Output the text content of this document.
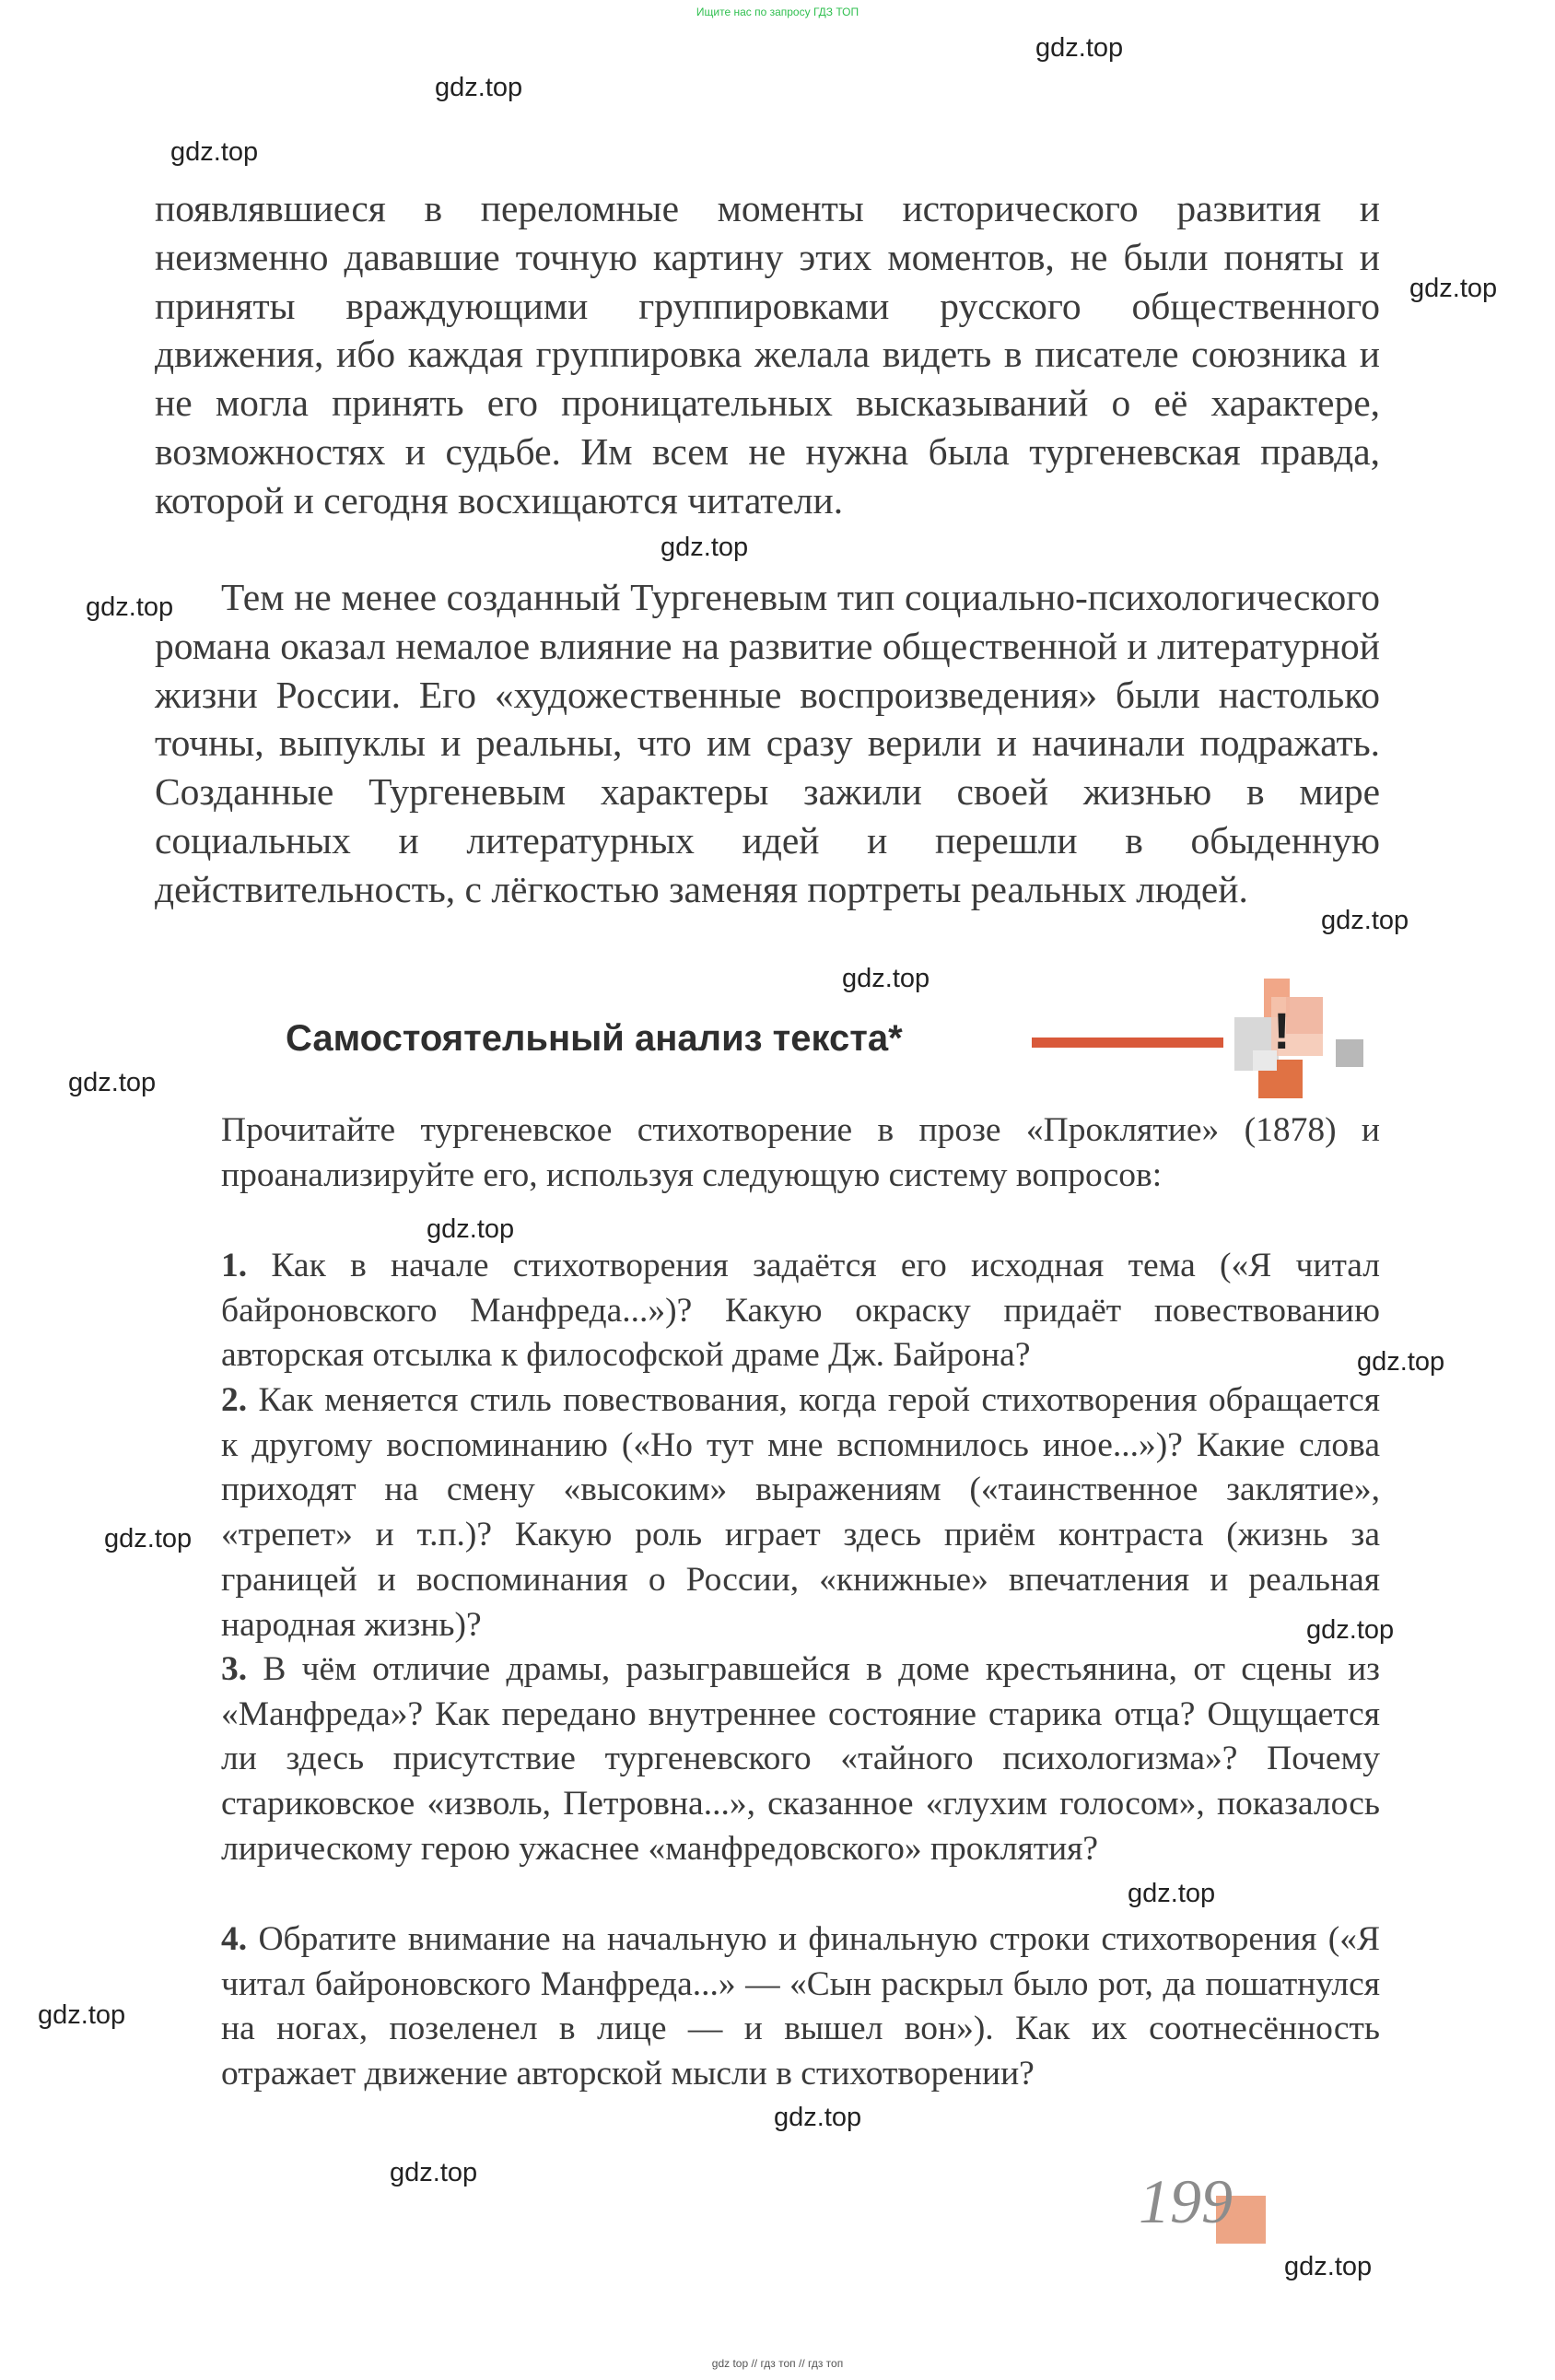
Ищите нас по запросу ГДЗ ТОП
gdz.top
gdz.top
gdz.top
gdz.top
gdz.top
gdz.top
gdz.top
gdz.top
gdz.top
gdz.top
gdz.top
gdz.top
gdz.top
gdz.top
gdz.top
gdz.top
gdz.top
gdz.top

появлявшиеся в переломные моменты исторического развития и неизменно дававшие точную картину этих моментов, не были поняты и приняты враждующими группировками русского общественного движения, ибо каждая группировка желала видеть в писателе союзника и не могла принять его проницательных высказываний о её характере, возможностях и судьбе. Им всем не нужна была тургеневская правда, которой и сегодня восхищаются читатели.

Тем не менее созданный Тургеневым тип социально-психологического романа оказал немалое влияние на развитие общественной и литературной жизни России. Его «художественные воспроизведения» были настолько точны, выпуклы и реальны, что им сразу верили и начинали подражать. Созданные Тургеневым характеры зажили своей жизнью в мире социальных и литературных идей и перешли в обыденную действительность, с лёгкостью заменяя портреты реальных людей.

Самостоятельный анализ текста*	!

Прочитайте тургеневское стихотворение в прозе «Проклятие» (1878) и проанализируйте его, используя следующую систему вопросов:

1. Как в начале стихотворения задаётся его исходная тема («Я читал байроновского Манфреда...»)? Какую окраску придаёт повествованию авторская отсылка к философской драме Дж. Байрона?

2. Как меняется стиль повествования, когда герой стихотворения обращается к другому воспоминанию («Но тут мне вспомнилось иное...»)? Какие слова приходят на смену «высоким» выражениям («таинственное заклятие», «трепет» и т.п.)? Какую роль играет здесь приём контраста (жизнь за границей и воспоминания о России, «книжные» впечатления и реальная народная жизнь)?

3. В чём отличие драмы, разыгравшейся в доме крестьянина, от сцены из «Манфреда»? Как передано внутреннее состояние старика отца? Ощущается ли здесь присутствие тургеневского «тайного психологизма»? Почему стариковское «изволь, Петровна...», сказанное «глухим голосом», показалось лирическому герою ужаснее «манфредовского» проклятия?

4. Обратите внимание на начальную и финальную строки стихотворения («Я читал байроновского Манфреда...» — «Сын раскрыл было рот, да пошатнулся на ногах, позеленел в лице — и вышел вон»). Как их соотнесённость отражает движение авторской мысли в стихотворении?

199
gdz top // гдз топ // гдз топ
